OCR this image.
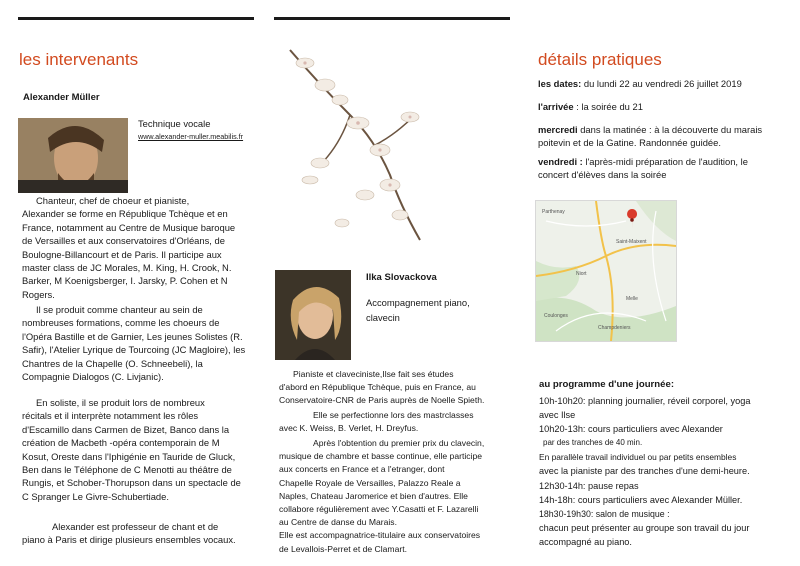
les intervenants
Alexander Müller
Technique vocale
www.alexander-muller.meabilis.fr
Chanteur, chef de choeur et pianiste,
Alexander se forme en République Tchèque et en
France, notamment au Centre de Musique baroque
de Versailles et aux conservatoires d'Orléans, de
Boulogne-Billancourt et de Paris. Il participe aux
master class de JC Morales, M. King, H. Crook, N.
Barker, M Koenigsberger, I. Jarsky, P. Cohen et N
Rogers.
Il se produit comme chanteur au sein de
nombreuses formations, comme les choeurs de
l'Opéra Bastille et de Garnier, Les jeunes Solistes (R.
Safir), l'Atelier Lyrique de Tourcoing (JC Magloire), les
Chantres de la Chapelle (O. Schneebeli), la
Compagnie Dialogos (C. Livjanic).
En soliste, il se produit lors de nombreux
récitals et il interprète notamment les rôles
d'Escamillo dans Carmen de Bizet, Banco dans la
création de Macbeth -opéra contemporain de M
Kosut, Oreste dans l'Iphigénie en Tauride de Gluck,
Ben dans le Téléphone de C Menotti au théâtre de
Rungis, et Schober-Thorupson dans un spectacle de
C Spranger Le Givre-Schubertiade.
Alexander est professeur de chant et de
piano à Paris et dirige plusieurs ensembles vocaux.
Ilka Slovackova
Accompagnement piano,
clavecin
Pianiste et claveciniste,Ilse fait ses études
d'abord en République Tchèque, puis en France, au
Conservatoire-CNR de Paris auprès de Noelle Spieth.
Elle se perfectionne lors des mastrclasses
avec K. Weiss, B. Verlet, H. Dreyfus.
Après l'obtention du premier prix du clavecin,
musique de chambre et basse continue, elle participe
aux concerts en France et a l'etranger, dont
Chapelle Royale de Versailles, Palazzo Reale a
Naples, Chateau Jaromerice et bien d'autres. Elle
collabore régulièrement avec Y.Casatti et F. Lazarelli
au Centre de danse du Marais.
Elle est accompagnatrice-titulaire aux conservatoires
de Levallois-Perret et de Clamart.
détails pratiques
les dates: du lundi 22 au vendredi 26 juillet 2019
l'arrivée : la soirée du 21
mercredi dans la matinée : à la découverte du marais
poitevin et de la Gatine. Randonnée guidée.
vendredi : l'après-midi préparation de l'audition, le
concert d'élèves dans la soirée
Parthenay
Saint-Maixent
Niort
Melle
Coulonges
Champdeniers
au programme d'une journée:
10h-10h20: planning journalier, réveil corporel, yoga
avec Ilse
10h20-13h: cours particuliers avec Alexander
par des tranches de 40 min.
En parallèle travail individuel ou par petits ensembles
avec la pianiste par des tranches d'une demi-heure.
12h30-14h: pause repas
14h-18h: cours particuliers avec Alexander Müller.
18h30-19h30: salon de musique :
chacun peut présenter au groupe son travail du jour
accompagné au piano.
